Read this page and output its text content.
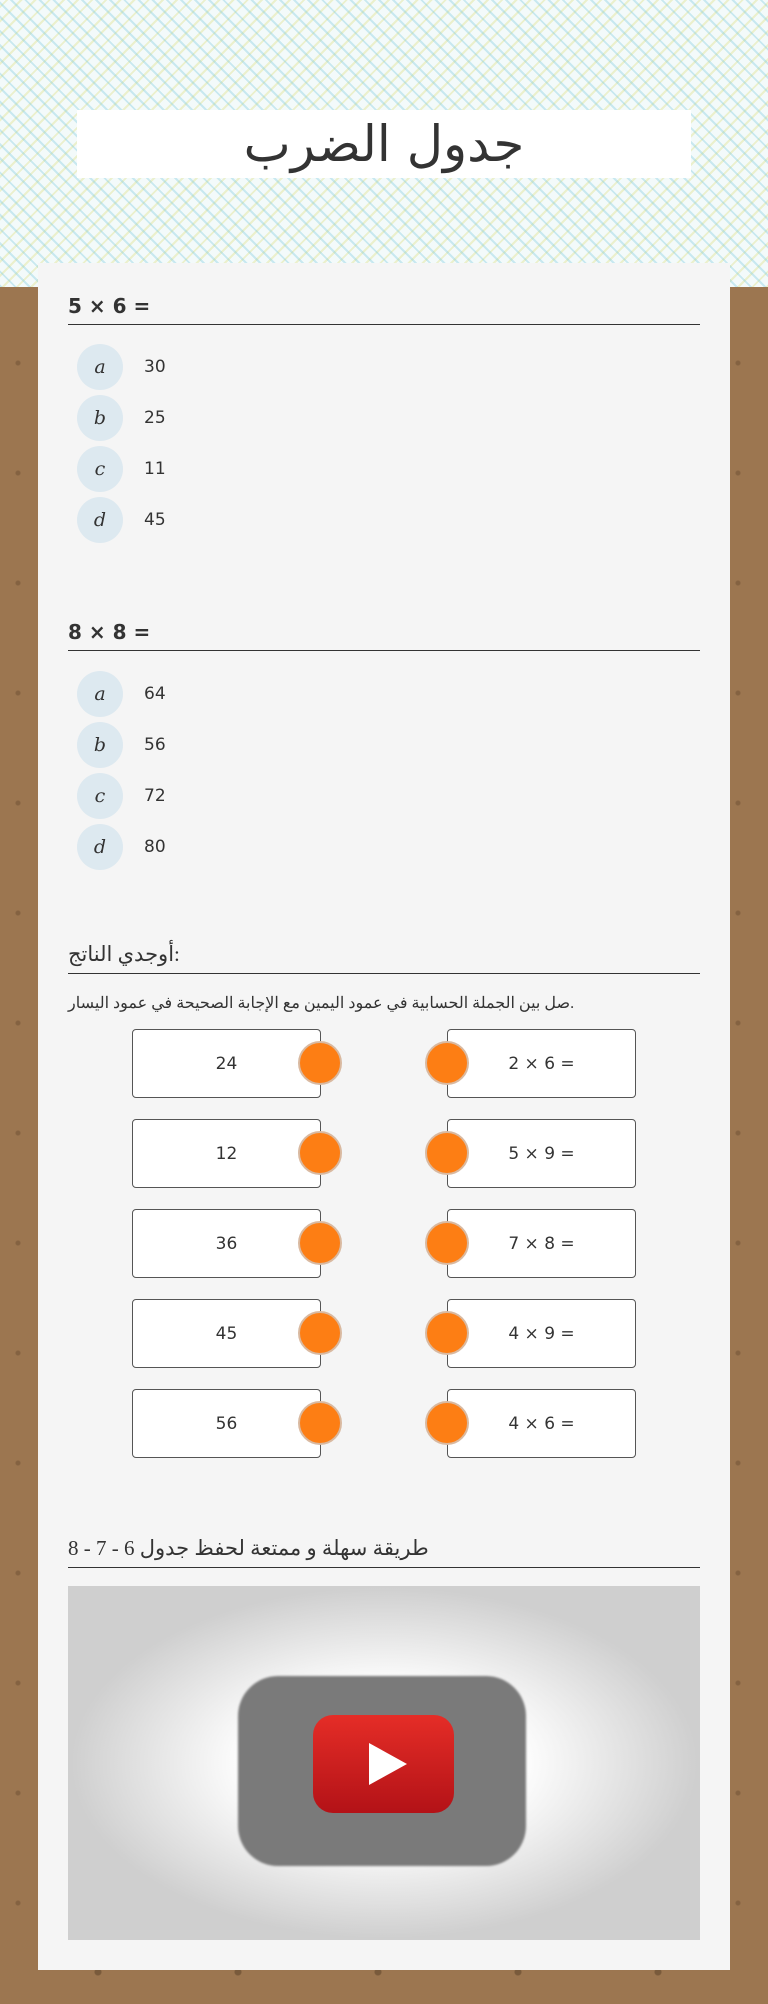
جدول الضرب
5 × 6 =
a	30
b	25
c	11
d	45
8 × 8 =
a	64
b	56
c	72
d	80
أوجدي الناتج:
صل بين الجملة الحسابية في عمود اليمين مع الإجابة الصحيحة في عمود اليسار.
24	2 × 6 =
12	5 × 9 =
36	7 × 8 =
45	4 × 9 =
56	4 × 6 =
طريقة سهلة و ممتعة لحفظ جدول 6 - 7 - 8
